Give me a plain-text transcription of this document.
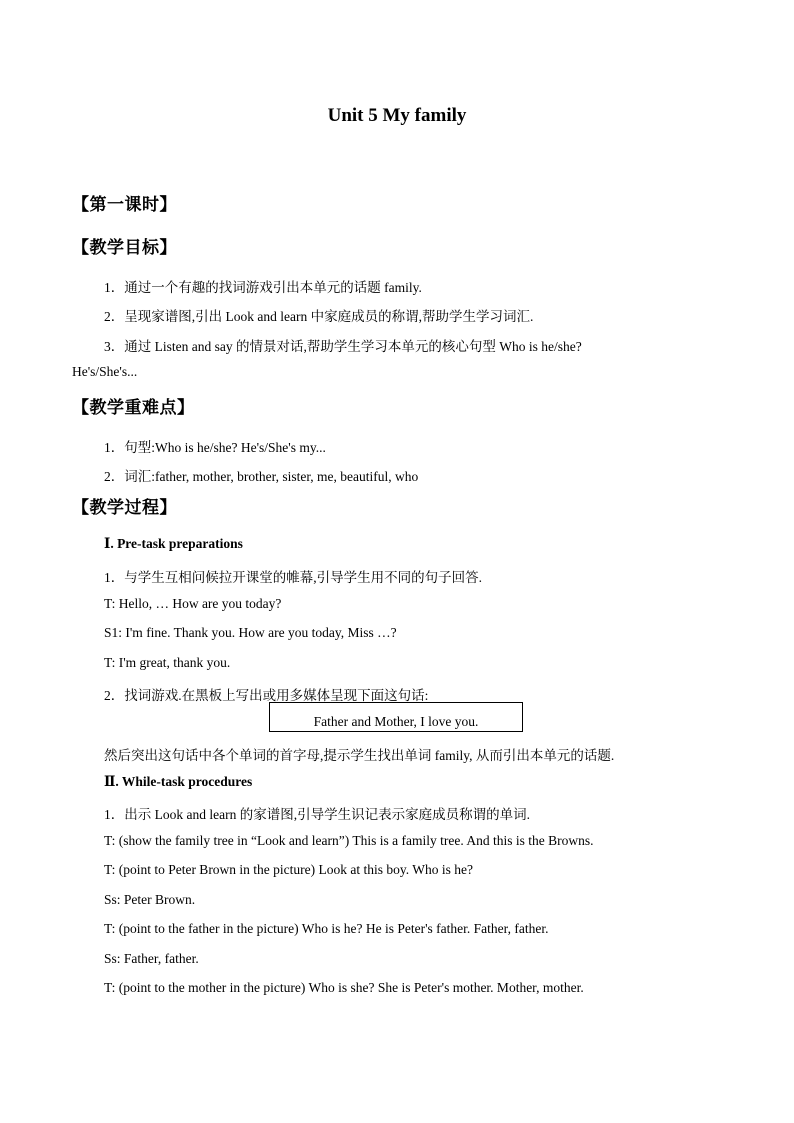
Unit 5 My family
【第一课时】
【教学目标】
1．通过一个有趣的找词游戏引出本单元的话题 family.
2．呈现家谱图,引出 Look and learn 中家庭成员的称谓,帮助学生学习词汇.
3．通过 Listen and say 的情景对话,帮助学生学习本单元的核心句型 Who is he/she?
He's/She's...
【教学重难点】
1．句型:Who is he/she? He's/She's my...
2．词汇:father, mother, brother, sister, me, beautiful, who
【教学过程】
Ⅰ. Pre-task preparations
1．与学生互相问候拉开课堂的帷幕,引导学生用不同的句子回答.
T: Hello, … How are you today?
S1: I'm fine. Thank you. How are you today, Miss …?
T: I'm great, thank you.
2．找词游戏.在黑板上写出或用多媒体呈现下面这句话:
Father and Mother, I love you.
然后突出这句话中各个单词的首字母,提示学生找出单词 family, 从而引出本单元的话题.
Ⅱ. While-task procedures
1．出示 Look and learn 的家谱图,引导学生识记表示家庭成员称谓的单词.
T: (show the family tree in “Look and learn”) This is a family tree. And this is the Browns.
T: (point to Peter Brown in the picture) Look at this boy. Who is he?
Ss: Peter Brown.
T: (point to the father in the picture) Who is he? He is Peter's father. Father, father.
Ss: Father, father.
T: (point to the mother in the picture) Who is she? She is Peter's mother. Mother, mother.
